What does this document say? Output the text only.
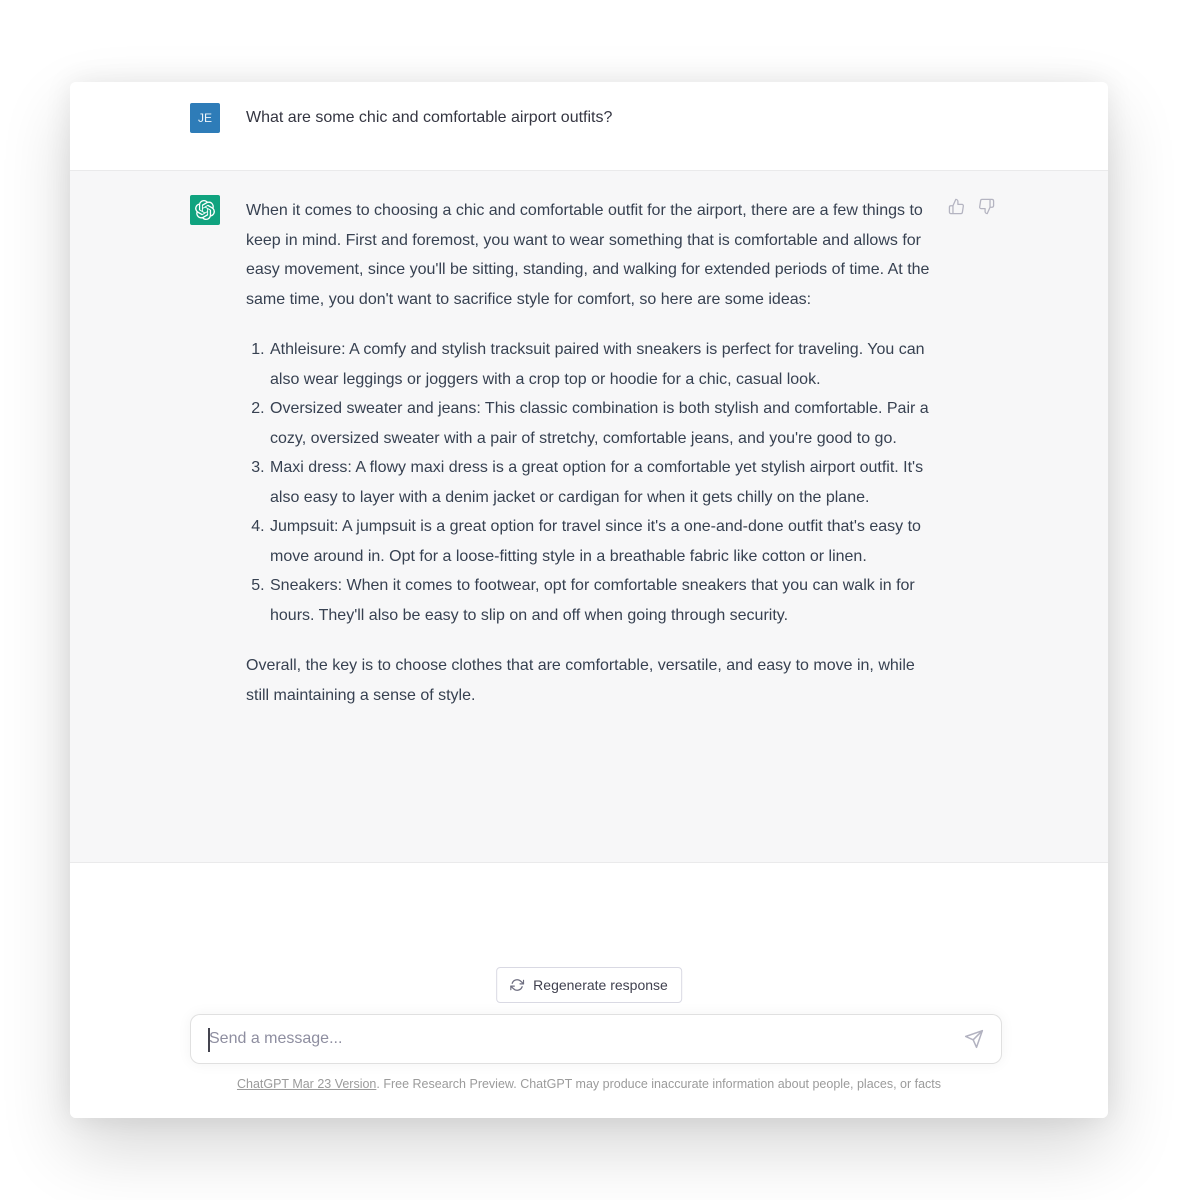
JE	What are some chic and comfortable airport outfits?

When it comes to choosing a chic and comfortable outfit for the airport, there are a few things to keep in mind. First and foremost, you want to wear something that is comfortable and allows for easy movement, since you'll be sitting, standing, and walking for extended periods of time. At the same time, you don't want to sacrifice style for comfort, so here are some ideas:

1. Athleisure: A comfy and stylish tracksuit paired with sneakers is perfect for traveling. You can also wear leggings or joggers with a crop top or hoodie for a chic, casual look.
2. Oversized sweater and jeans: This classic combination is both stylish and comfortable. Pair a cozy, oversized sweater with a pair of stretchy, comfortable jeans, and you're good to go.
3. Maxi dress: A flowy maxi dress is a great option for a comfortable yet stylish airport outfit. It's also easy to layer with a denim jacket or cardigan for when it gets chilly on the plane.
4. Jumpsuit: A jumpsuit is a great option for travel since it's a one-and-done outfit that's easy to move around in. Opt for a loose-fitting style in a breathable fabric like cotton or linen.
5. Sneakers: When it comes to footwear, opt for comfortable sneakers that you can walk in for hours. They'll also be easy to slip on and off when going through security.

Overall, the key is to choose clothes that are comfortable, versatile, and easy to move in, while still maintaining a sense of style.

Regenerate response
Send a message...
ChatGPT Mar 23 Version. Free Research Preview. ChatGPT may produce inaccurate information about people, places, or facts
